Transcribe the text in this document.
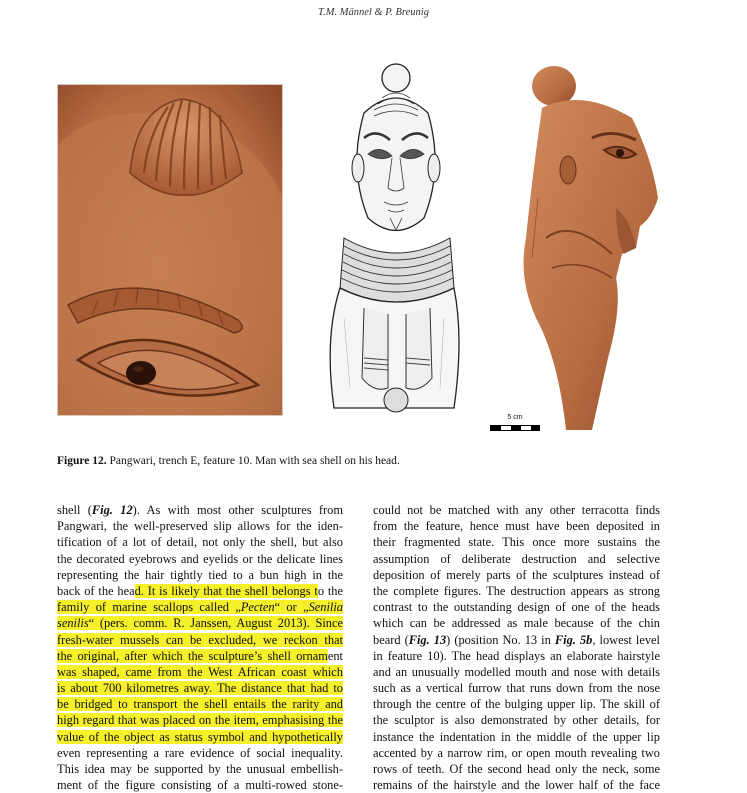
T.M. Männel & P. Breunig
5 cm
Figure 12. Pangwari, trench E, feature 10. Man with sea shell on his head.
shell (Fig. 12). As with most other sculptures from
Pangwari, the well-preserved slip allows for the iden-
tification of a lot of detail, not only the shell, but also
the decorated eyebrows and eyelids or the delicate lines
representing the hair tightly tied to a bun high in the
back of the head. It is likely that the shell belongs to the
family of marine scallops called „Pecten“ or „Senilia
senilis“ (pers. comm. R. Janssen, August 2013). Since
fresh-water mussels can be excluded, we reckon that
the original, after which the sculpture’s shell ornament
was shaped, came from the West African coast which
is about 700 kilometres away. The distance that had to
be bridged to transport the shell entails the rarity and
high regard that was placed on the item, emphasising the
value of the object as status symbol and hypothetically
even representing a rare evidence of social inequality.
This idea may be supported by the unusual embellish-
ment of the figure consisting of a multi-rowed stone-
could not be matched with any other terracotta finds
from the feature, hence must have been deposited in
their fragmented state. This once more sustains the
assumption of deliberate destruction and selective
deposition of merely parts of the sculptures instead of
the complete figures. The destruction appears as strong
contrast to the outstanding design of one of the heads
which can be addressed as male because of the chin
beard (Fig. 13) (position No. 13 in Fig. 5b, lowest level
in feature 10). The head displays an elaborate hairstyle
and an unusually modelled mouth and nose with details
such as a vertical furrow that runs down from the nose
through the centre of the bulging upper lip. The skill of
the sculptor is also demonstrated by other details, for
instance the indentation in the middle of the upper lip
accented by a narrow rim, or open mouth revealing two
rows of teeth. Of the second head only the neck, some
remains of the hairstyle and the lower half of the face
